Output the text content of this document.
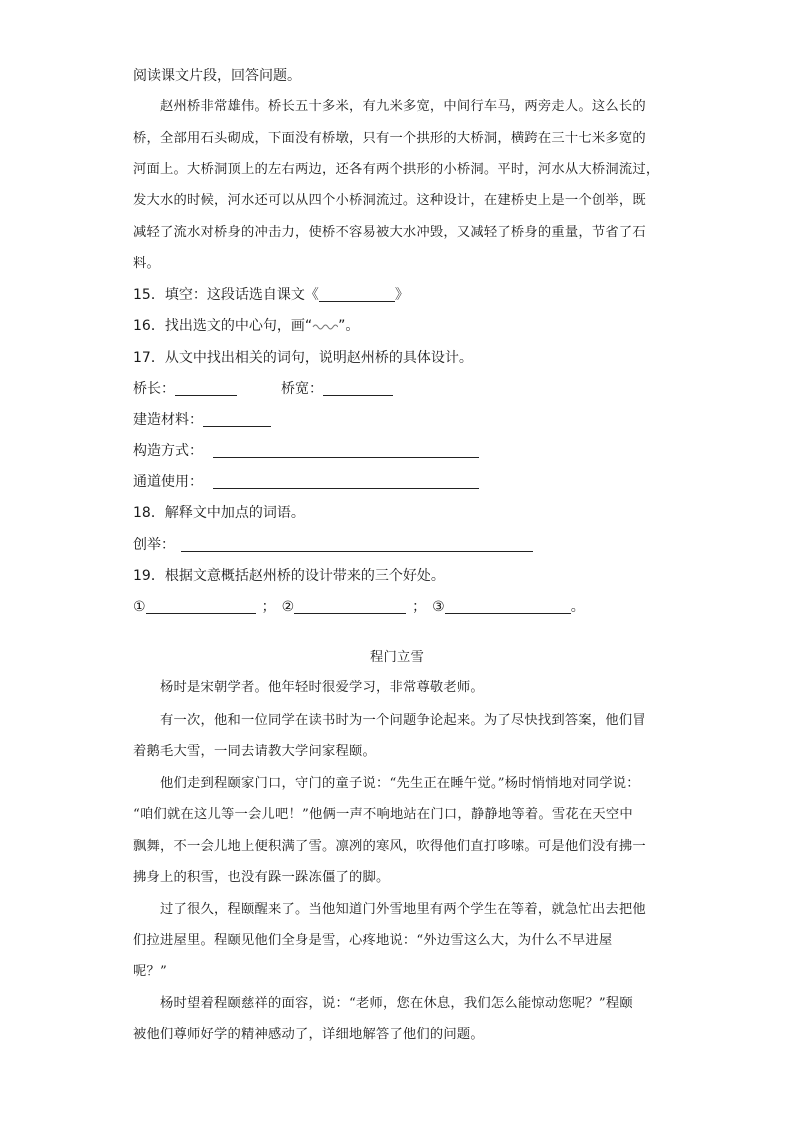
阅读课文片段，回答问题。
赵州桥非常雄伟。桥长五十多米，有九米多宽，中间行车马，两旁走人。这么长的
桥，全部用石头砌成，下面没有桥墩，只有一个拱形的大桥洞，横跨在三十七米多宽的
河面上。大桥洞顶上的左右两边，还各有两个拱形的小桥洞。平时，河水从大桥洞流过，
发大水的时候，河水还可以从四个小桥洞流过。这种设计，在建桥史上是一个创举，既
减轻了流水对桥身的冲击力，使桥不容易被大水冲毁，又减轻了桥身的重量，节省了石
料。
15．填空：这段话选自课文《	》
16．找出选文的中心句，画“ ”。
17．从文中找出相关的词句，说明赵州桥的具体设计。
桥长：	桥宽：
建造材料：
构造方式：
通道使用：
18．解释文中加点的词语。
创举：
19．根据文意概括赵州桥的设计带来的三个好处。
①	； ②	； ③	。
程门立雪
杨时是宋朝学者。他年轻时很爱学习，非常尊敬老师。
有一次，他和一位同学在读书时为一个问题争论起来。为了尽快找到答案，他们冒
着鹅毛大雪，一同去请教大学问家程颐。
他们走到程颐家门口，守门的童子说：“先生正在睡午觉。”杨时悄悄地对同学说：
“咱们就在这儿等一会儿吧！”他俩一声不响地站在门口，静静地等着。雪花在天空中
飘舞，不一会儿地上便积满了雪。凛冽的寒风，吹得他们直打哆嗦。可是他们没有拂一
拂身上的积雪，也没有跺一跺冻僵了的脚。
过了很久，程颐醒来了。当他知道门外雪地里有两个学生在等着，就急忙出去把他
们拉进屋里。程颐见他们全身是雪，心疼地说：“外边雪这么大，为什么不早进屋
呢？”
杨时望着程颐慈祥的面容，说：“老师，您在休息，我们怎么能惊动您呢？”程颐
被他们尊师好学的精神感动了，详细地解答了他们的问题。
